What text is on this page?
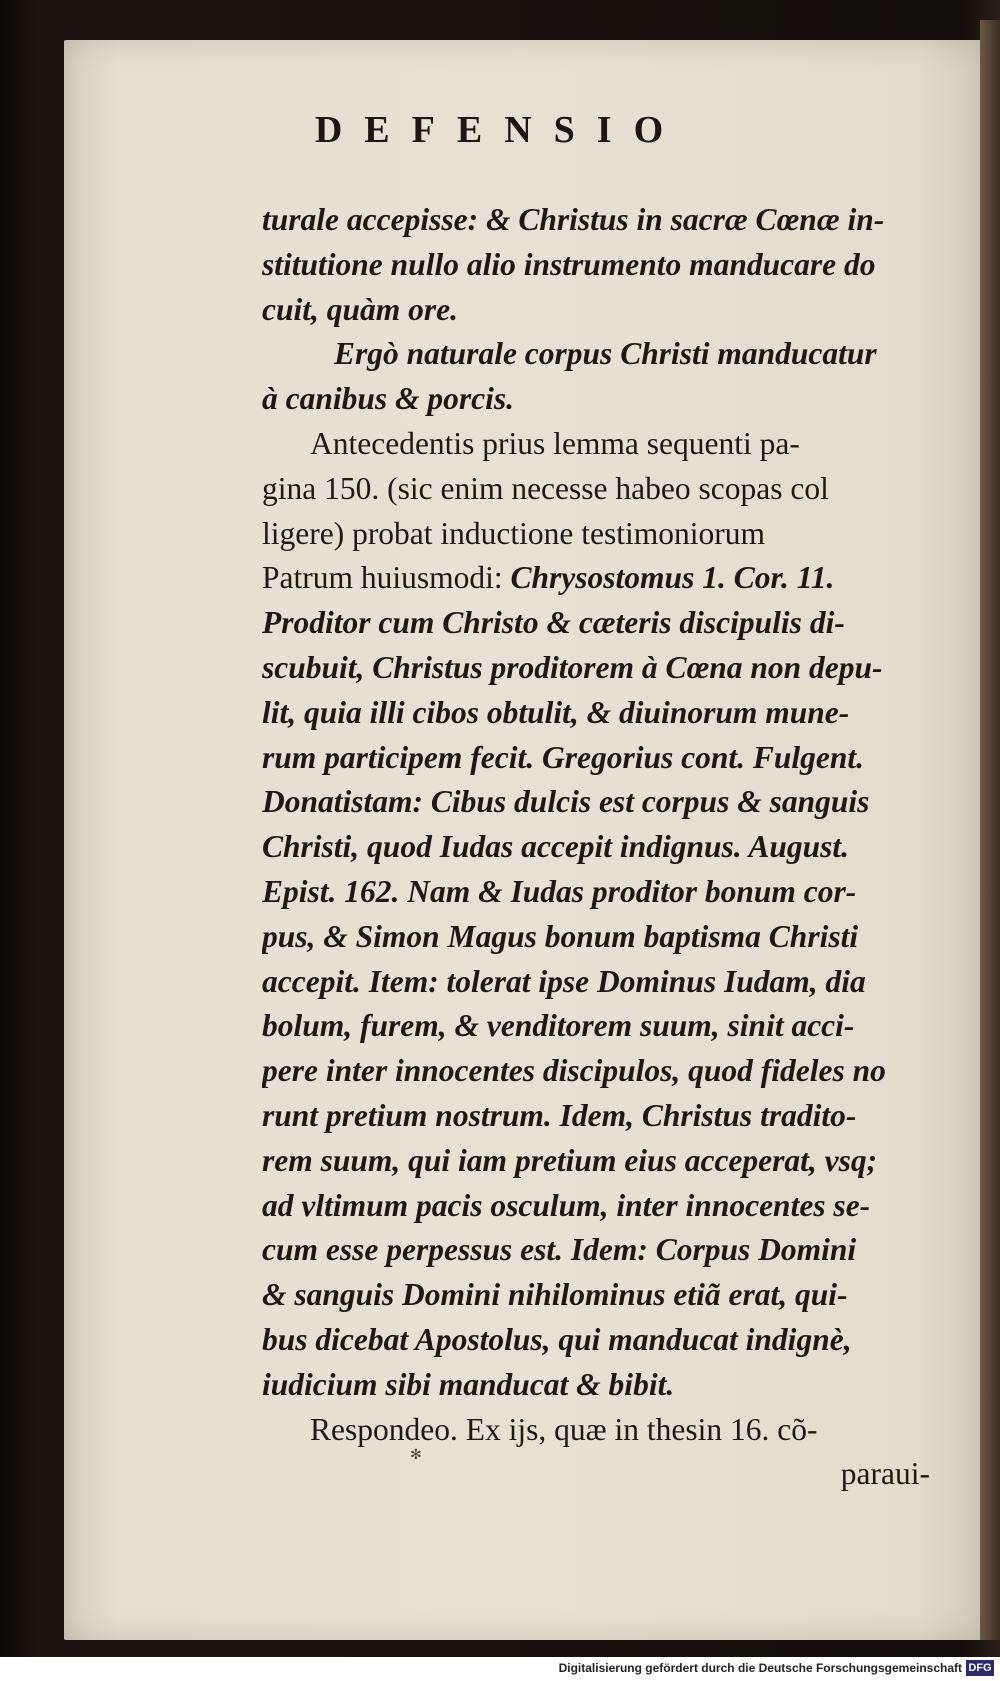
DEFENSIO
turale accepisse: & Christus in sacræ Cœnæ in-
stitutione nullo alio instrumento manducare do
cuit, quàm ore.
Ergò naturale corpus Christi manducatur
à canibus & porcis.
Antecedentis prius lemma sequenti pa-
gina 150. (sic enim necesse habeo scopas col
ligere) probat inductione testimoniorum
Patrum huiusmodi: Chrysostomus 1. Cor. 11.
Proditor cum Christo & cæteris discipulis di-
scubuit, Christus proditorem à Cœna non depu-
lit, quia illi cibos obtulit, & diuinorum mune-
rum participem fecit. Gregorius cont. Fulgent.
Donatistam: Cibus dulcis est corpus & sanguis
Christi, quod Iudas accepit indignus. August.
Epist. 162. Nam & Iudas proditor bonum cor-
pus, & Simon Magus bonum baptisma Christi
accepit. Item: tolerat ipse Dominus Iudam, dia
bolum, furem, & venditorem suum, sinit acci-
pere inter innocentes discipulos, quod fideles no
runt pretium nostrum. Idem, Christus tradito-
rem suum, qui iam pretium eius acceperat, vsq;
ad vltimum pacis osculum, inter innocentes se-
cum esse perpessus est. Idem: Corpus Domini
& sanguis Domini nihilominus etiã erat, qui-
bus dicebat Apostolus, qui manducat indignè,
iudicium sibi manducat & bibit.
Respondeo. Ex ijs, quæ in thesin 16. cõ-
paraui-
✻
Digitalisierung gefördert durch die Deutsche Forschungsgemeinschaft DFG
